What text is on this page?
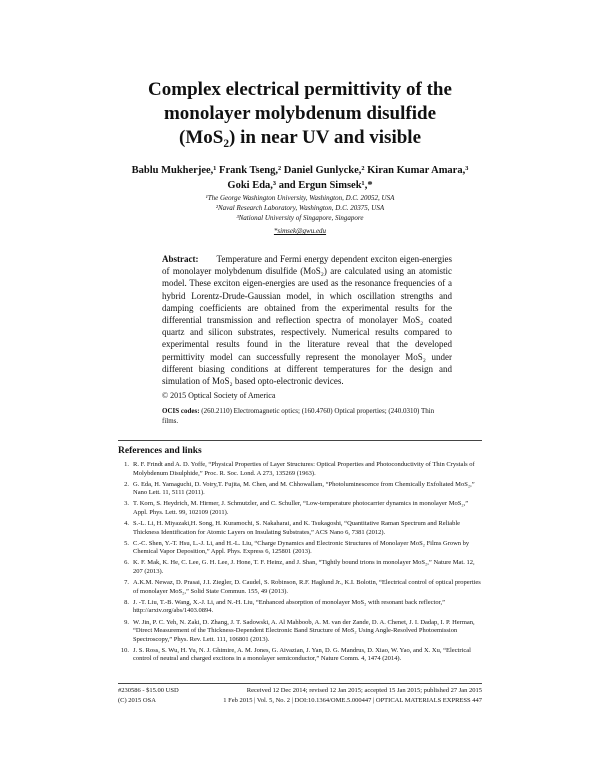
Complex electrical permittivity of the
monolayer molybdenum disulfide
(MoS₂) in near UV and visible
Bablu Mukherjee,¹ Frank Tseng,² Daniel Gunlycke,² Kiran Kumar Amara,³ Goki Eda,³ and Ergun Simsek¹,*
¹The George Washington University, Washington, D.C. 20052, USA
²Naval Research Laboratory, Washington, D.C. 20375, USA
³National University of Singapore, Singapore
*simsek@gwu.edu
Abstract: Temperature and Fermi energy dependent exciton eigen-energies of monolayer molybdenum disulfide (MoS₂) are calculated using an atomistic model. These exciton eigen-energies are used as the resonance frequencies of a hybrid Lorentz-Drude-Gaussian model, in which oscillation strengths and damping coefficients are obtained from the experimental results for the differential transmission and reflection spectra of monolayer MoS₂ coated quartz and silicon substrates, respectively. Numerical results compared to experimental results found in the literature reveal that the developed permittivity model can successfully represent the monolayer MoS₂ under different biasing conditions at different temperatures for the design and simulation of MoS₂ based opto-electronic devices.
© 2015 Optical Society of America
OCIS codes: (260.2110) Electromagnetic optics; (160.4760) Optical properties; (240.0310) Thin films.
References and links
1. R. F. Frindt and A. D. Yoffe, “Physical Properties of Layer Structures: Optical Properties and Photoconductivity of Thin Crystals of Molybdenum Disulphide,” Proc. R. Soc. Lond. A 273, 135269 (1963).
2. G. Eda, H. Yamaguchi, D. Voiry,T. Fujita, M. Chen, and M. Chhowallam, “Photoluminescence from Chemically Exfoliated MoS₂,” Nano Lett. 11, 5111 (2011).
3. T. Korn, S. Heydrich, M. Hirmer, J. Schmutzler, and C. Schuller, “Low-temperature photocarrier dynamics in monolayer MoS₂,” Appl. Phys. Lett. 99, 102109 (2011).
4. S.-L. Li, H. Miyazaki,H. Song, H. Kuramochi, S. Nakaharai, and K. Tsukagoshi, “Quantitative Raman Spectrum and Reliable Thickness Identification for Atomic Layers on Insulating Substrates,” ACS Nano 6, 7381 (2012).
5. C.-C. Shen, Y.-T. Hsu, L.-J. Li, and H.-L. Liu, “Charge Dynamics and Electronic Structures of Monolayer MoS₂ Films Grown by Chemical Vapor Deposition,” Appl. Phys. Express 6, 125801 (2013).
6. K. F. Mak, K. He, C. Lee, G. H. Lee, J. Hone, T. F. Heinz, and J. Shan, “Tightly bound trions in monolayer MoS₂,” Nature Mat. 12, 207 (2013).
7. A.K.M. Newaz, D. Prasai, J.I. Ziegler, D. Caudel, S. Robinson, R.F. Haglund Jr., K.I. Bolotin, “Electrical control of optical properties of monolayer MoS₂,” Solid State Commun. 155, 49 (2013).
8. J. -T. Liu, T.-B. Wang, X.-J. Li, and N.-H. Liu, “Enhanced absorption of monolayer MoS₂ with resonant back reflector,” http://arxiv.org/abs/1403.0894.
9. W. Jin, P. C. Yeh, N. Zaki, D. Zhang, J. T. Sadowski, A. Al Mahboob, A. M. van der Zande, D. A. Chenet, J. I. Dadap, I. P. Herman, “Direct Measurement of the Thickness-Dependent Electronic Band Structure of MoS₂ Using Angle-Resolved Photoemission Spectroscopy,” Phys. Rev. Lett. 111, 106801 (2013).
10. J. S. Ross, S. Wu, H. Yu, N. J. Ghimire, A. M. Jones, G. Aivazian, J. Yan, D. G. Mandrus, D. Xiao, W. Yao, and X. Xu, “Electrical control of neutral and charged excitons in a monolayer semiconductor,” Nature Comm. 4, 1474 (2014).
#230586 - $15.00 USD	Received 12 Dec 2014; revised 12 Jan 2015; accepted 15 Jan 2015; published 27 Jan 2015
(C) 2015 OSA	1 Feb 2015 | Vol. 5, No. 2 | DOI:10.1364/OME.5.000447 | OPTICAL MATERIALS EXPRESS 447
